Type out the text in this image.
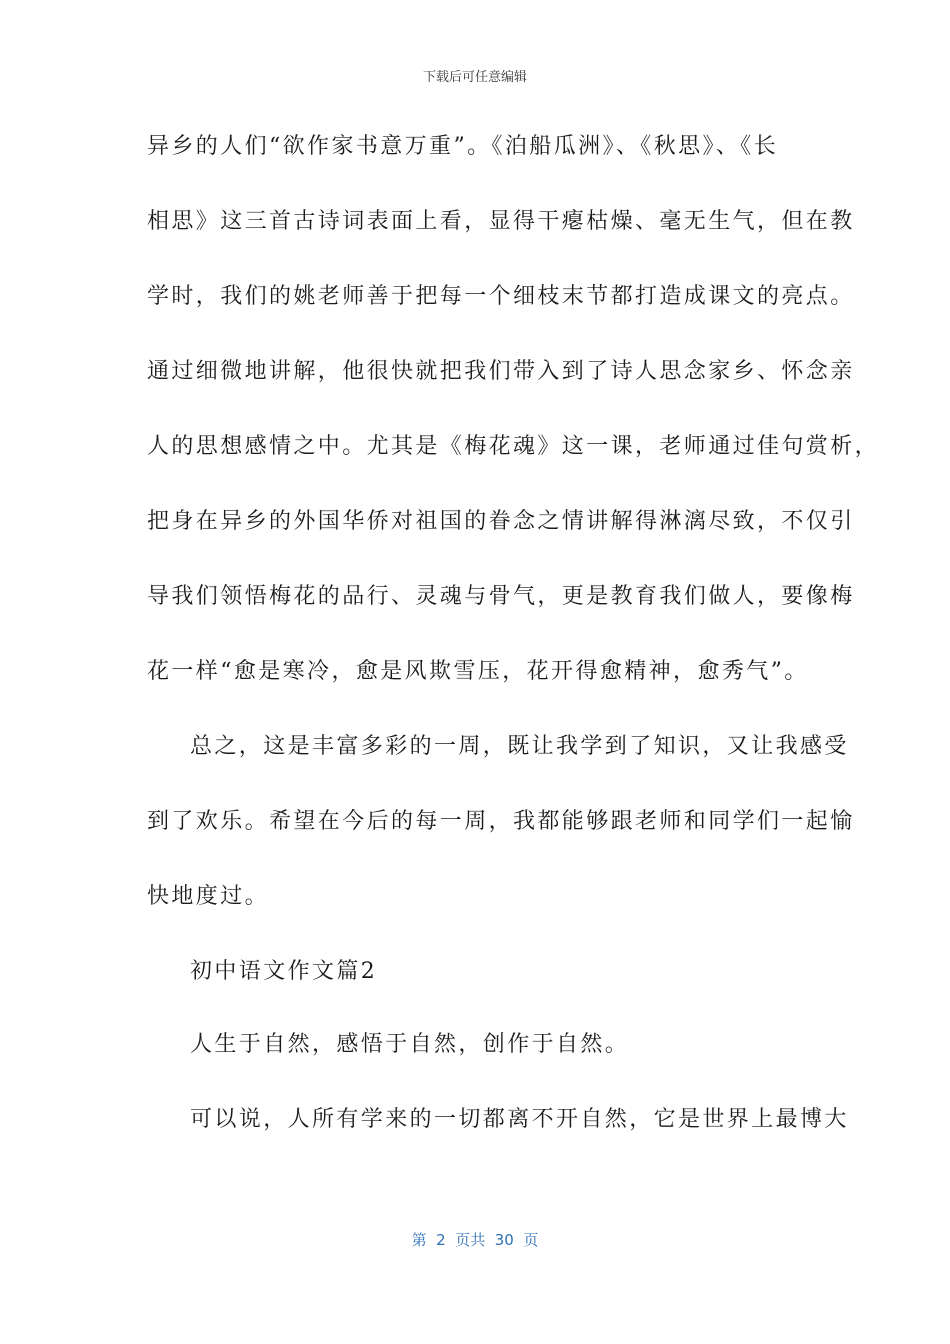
下载后可任意编辑
异乡的人们“欲作家书意万重”。《泊船瓜洲》、《秋思》、《长
相思》这三首古诗词表面上看，显得干瘪枯燥、毫无生气，但在教
学时，我们的姚老师善于把每一个细枝末节都打造成课文的亮点。
通过细微地讲解，他很快就把我们带入到了诗人思念家乡、怀念亲
人的思想感情之中。尤其是《梅花魂》这一课，老师通过佳句赏析，
把身在异乡的外国华侨对祖国的眷念之情讲解得淋漓尽致，不仅引
导我们领悟梅花的品行、灵魂与骨气，更是教育我们做人，要像梅
花一样“愈是寒冷，愈是风欺雪压，花开得愈精神，愈秀气”。
总之，这是丰富多彩的一周，既让我学到了知识，又让我感受
到了欢乐。希望在今后的每一周，我都能够跟老师和同学们一起愉
快地度过。
初中语文作文篇2
人生于自然，感悟于自然，创作于自然。
可以说，人所有学来的一切都离不开自然，它是世界上最博大
第  2  页共  30  页
